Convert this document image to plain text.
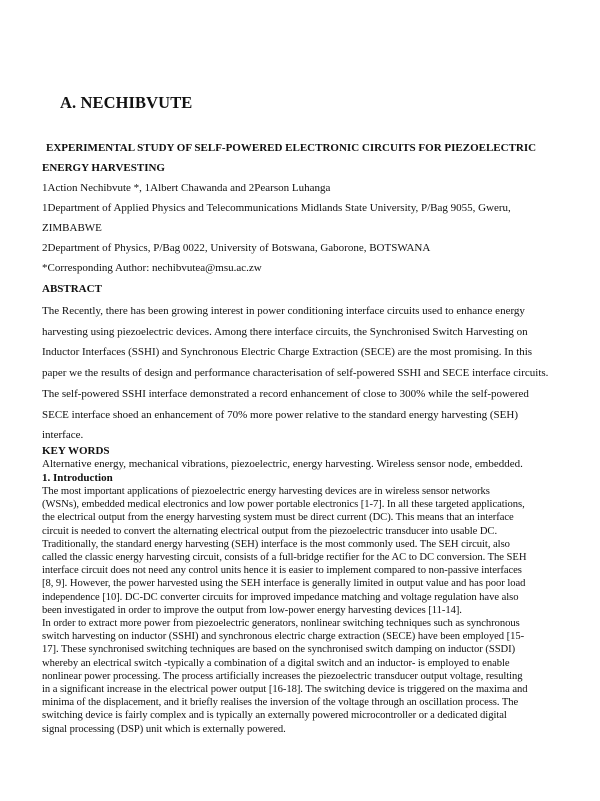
A. NECHIBVUTE
EXPERIMENTAL STUDY OF SELF-POWERED ELECTRONIC CIRCUITS FOR PIEZOELECTRIC
ENERGY HARVESTING
1Action Nechibvute *, 1Albert Chawanda and 2Pearson Luhanga
1Department of Applied Physics and Telecommunications Midlands State University, P/Bag 9055, Gweru,
ZIMBABWE
2Department of Physics, P/Bag 0022, University of Botswana, Gaborone, BOTSWANA
*Corresponding Author: nechibvutea@msu.ac.zw
ABSTRACT
The Recently, there has been growing interest in power conditioning interface circuits used to enhance energy
harvesting using piezoelectric devices. Among there interface circuits, the Synchronised Switch Harvesting on
Inductor Interfaces (SSHI) and Synchronous Electric Charge Extraction (SECE) are the most promising. In this
paper we the results of design and performance characterisation of self-powered SSHI and SECE interface circuits.
The self-powered SSHI interface demonstrated a record enhancement of close to 300% while the self-powered
SECE interface shoed an enhancement of 70% more power relative to the standard energy harvesting (SEH)
interface.
KEY WORDS
Alternative energy, mechanical vibrations, piezoelectric, energy harvesting. Wireless sensor node, embedded.
1. Introduction
The most important applications of piezoelectric energy harvesting devices are in wireless sensor networks
(WSNs), embedded medical electronics and low power portable electronics [1-7]. In all these targeted applications,
the electrical output from the energy harvesting system must be direct current (DC). This means that an interface
circuit is needed to convert the alternating electrical output from the piezoelectric transducer into usable DC.
Traditionally, the standard energy harvesting (SEH) interface is the most commonly used. The SEH circuit, also
called the classic energy harvesting circuit, consists of a full-bridge rectifier for the AC to DC conversion. The SEH
interface circuit does not need any control units hence it is easier to implement compared to non-passive interfaces
[8, 9]. However, the power harvested using the SEH interface is generally limited in output value and has poor load
independence [10]. DC-DC converter circuits for improved impedance matching and voltage regulation have also
been investigated in order to improve the output from low-power energy harvesting devices [11-14].
In order to extract more power from piezoelectric generators, nonlinear switching techniques such as synchronous
switch harvesting on inductor (SSHI) and synchronous electric charge extraction (SECE) have been employed [15-
17]. These synchronised switching techniques are based on the synchronised switch damping on inductor (SSDI)
whereby an electrical switch -typically a combination of a digital switch and an inductor- is employed to enable
nonlinear power processing. The process artificially increases the piezoelectric transducer output voltage, resulting
in a significant increase in the electrical power output [16-18]. The switching device is triggered on the maxima and
minima of the displacement, and it briefly realises the inversion of the voltage through an oscillation process. The
switching device is fairly complex and is typically an externally powered microcontroller or a dedicated digital
signal processing (DSP) unit which is externally powered.
